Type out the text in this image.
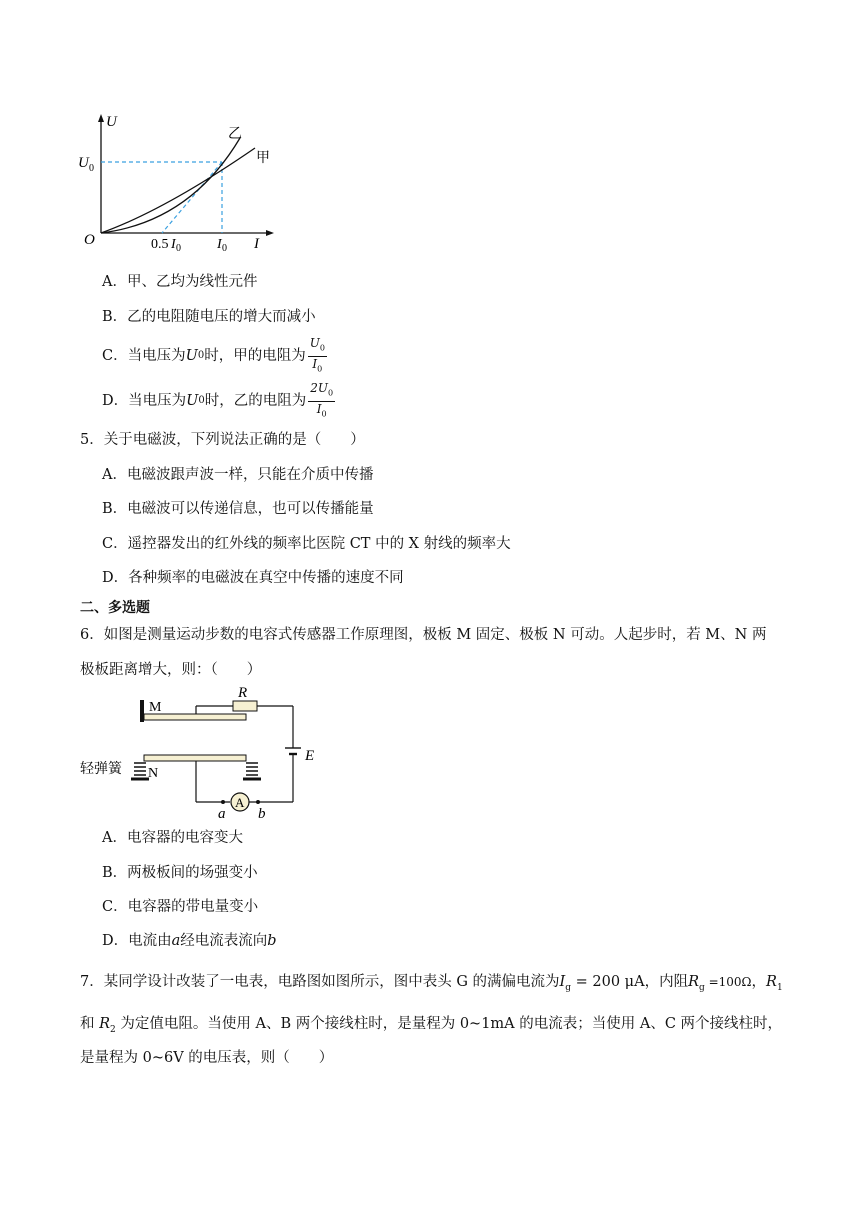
U
I
O
U 0
0.5 I 0	I 0
乙
甲
A．甲、乙均为线性元件
B．乙的电阻随电压的增大而减小
C．当电压为 U 0 时，甲的电阻为 $\frac{U_0}{I_0}$
D．当电压为 U 0 时，乙的电阻为 $\frac{2U_0}{I_0}$
5．关于电磁波，下列说法正确的是（　　）
A．电磁波跟声波一样，只能在介质中传播
B．电磁波可以传递信息，也可以传播能量
C．遥控器发出的红外线的频率比医院 CT 中的 X 射线的频率大
D．各种频率的电磁波在真空中传播的速度不同
二、多选题
6．如图是测量运动步数的电容式传感器工作原理图，极板 M 固定、极板 N 可动。人起步时，若 M、N 两
极板距离增大，则：（　　）
M
R
E
N
轻弹簧
A
a b
A．电容器的电容变大
B．两极板间的场强变小
C．电容器的带电量变小
D．电流由a经电流表流向b
7．某同学设计改装了一电表，电路图如图所示，图中表头 G 的满偏电流为$I_g = 200$ μA，内阻$R_g =100\Omega$，$R_1$
和 $R_2$ 为定值电阻。当使用 A、B 两个接线柱时，是量程为 0~1mA 的电流表；当使用 A、C 两个接线柱时，
是量程为 0~6V 的电压表，则（　　）
